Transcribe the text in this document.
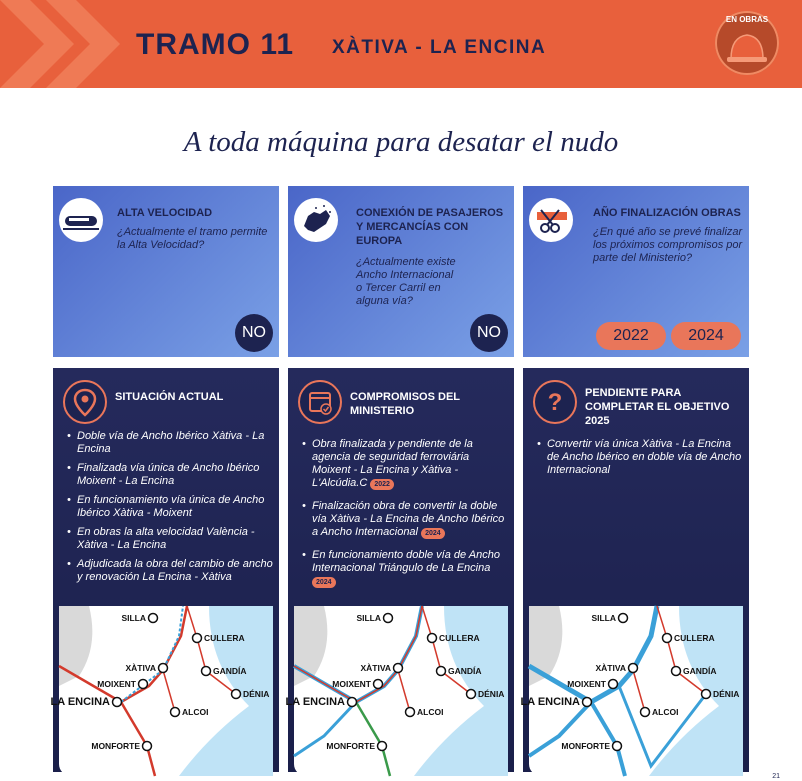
TRAMO 11 XÀTIVA - LA ENCINA
EN OBRAS
A toda máquina para desatar el nudo
ALTA VELOCIDAD
¿Actualmente el tramo permite la Alta Velocidad?
NO
CONEXIÓN DE PASAJEROS Y MERCANCÍAS CON EUROPA
¿Actualmente existe Ancho Internacional o Tercer Carril en alguna vía?
NO
AÑO FINALIZACIÓN OBRAS
¿En qué año se prevé finalizar los próximos compromisos por parte del Ministerio?
2022	2024
SITUACIÓN ACTUAL
• Doble vía de Ancho Ibérico Xàtiva - La Encina
• Finalizada vía única de Ancho Ibérico Moixent - La Encina
• En funcionamiento vía única de Ancho Ibérico Xàtiva - Moixent
• En obras la alta velocidad València - Xàtiva - La Encina
• Adjudicada la obra del cambio de ancho y renovación La Encina - Xàtiva
SILLA
CULLERA
XÀTIVA	GANDÍA
MOIXENT
DÉNIA
LA ENCINA
ALCOI
MONFORTE
COMPROMISOS DEL MINISTERIO
• Obra finalizada y pendiente de la agencia de seguridad ferroviária Moixent - La Encina y Xàtiva - L'Alcúdia.C 2022
• Finalización obra de convertir la doble vía Xàtiva - La Encina de Ancho Ibérico a Ancho Internacional 2024
• En funcionamiento doble vía de Ancho Internacional Triángulo de La Encina 2024
SILLA
CULLERA
XÀTIVA	GANDÍA
MOIXENT
DÉNIA
LA ENCINA
ALCOI
MONFORTE
? PENDIENTE PARA COMPLETAR EL OBJETIVO 2025
• Convertir vía única Xàtiva - La Encina de Ancho Ibérico en doble vía de Ancho Internacional
SILLA
CULLERA
XÀTIVA	GANDÍA
MOIXENT
DÉNIA
LA ENCINA
ALCOI
MONFORTE
21
